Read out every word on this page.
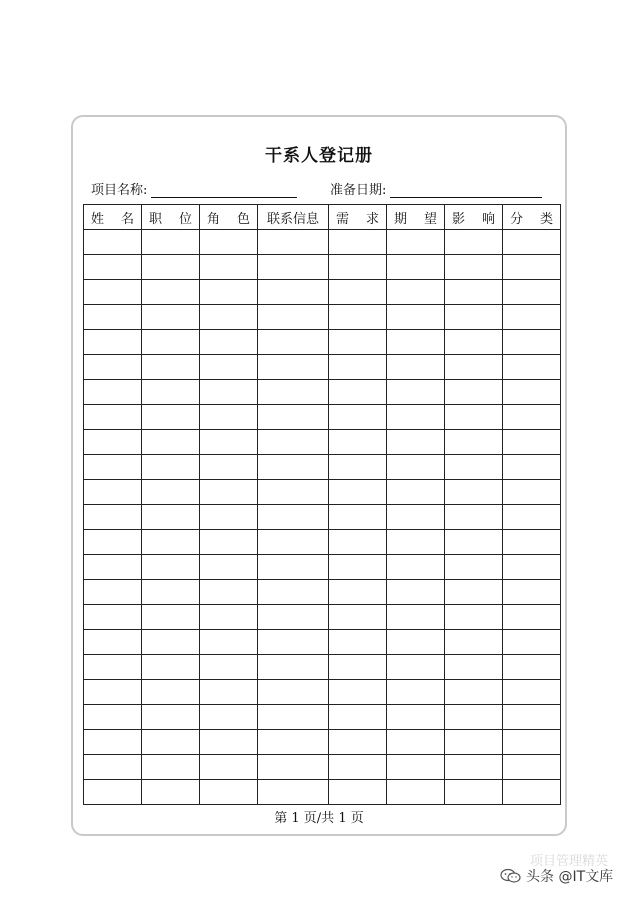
干系人登记册
项目名称:	准备日期:
姓 名	职 位	角 色	联系信息	需 求	期 望	影 响	分 类

第 1 页/共 1 页
项目管理精英
头条 @IT文库
